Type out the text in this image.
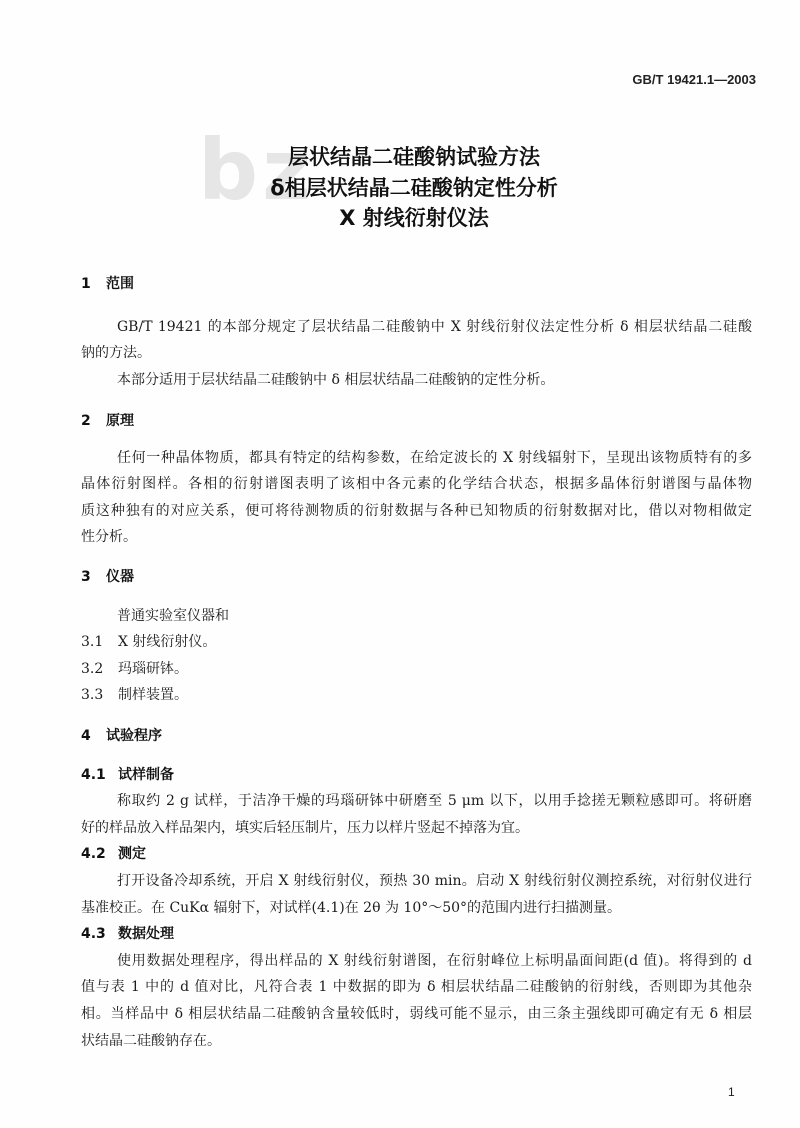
bz
GB/T 19421.1—2003
层状结晶二硅酸钠试验方法
δ相层状结晶二硅酸钠定性分析
X 射线衍射仪法
1 范围
GB/T 19421 的本部分规定了层状结晶二硅酸钠中 X 射线衍射仪法定性分析 δ 相层状结晶二硅酸
钠的方法。
本部分适用于层状结晶二硅酸钠中 δ 相层状结晶二硅酸钠的定性分析。
2 原理
任何一种晶体物质，都具有特定的结构参数，在给定波长的 X 射线辐射下，呈现出该物质特有的多
晶体衍射图样。各相的衍射谱图表明了该相中各元素的化学结合状态，根据多晶体衍射谱图与晶体物
质这种独有的对应关系，便可将待测物质的衍射数据与各种已知物质的衍射数据对比，借以对物相做定
性分析。
3 仪器
普通实验室仪器和
3.1 X 射线衍射仪。
3.2 玛瑙研钵。
3.3 制样装置。
4 试验程序
4.1 试样制备
称取约 2 g 试样，于洁净干燥的玛瑙研钵中研磨至 5 μm 以下，以用手捻搓无颗粒感即可。将研磨
好的样品放入样品架内，填实后轻压制片，压力以样片竖起不掉落为宜。
4.2 测定
打开设备冷却系统，开启 X 射线衍射仪，预热 30 min。启动 X 射线衍射仪测控系统，对衍射仪进行
基准校正。在 CuKα 辐射下，对试样(4.1)在 2θ 为 10°～50°的范围内进行扫描测量。
4.3 数据处理
使用数据处理程序，得出样品的 X 射线衍射谱图，在衍射峰位上标明晶面间距(d 值)。将得到的 d
值与表 1 中的 d 值对比，凡符合表 1 中数据的即为 δ 相层状结晶二硅酸钠的衍射线，否则即为其他杂
相。当样品中 δ 相层状结晶二硅酸钠含量较低时，弱线可能不显示，由三条主强线即可确定有无 δ 相层
状结晶二硅酸钠存在。
1
